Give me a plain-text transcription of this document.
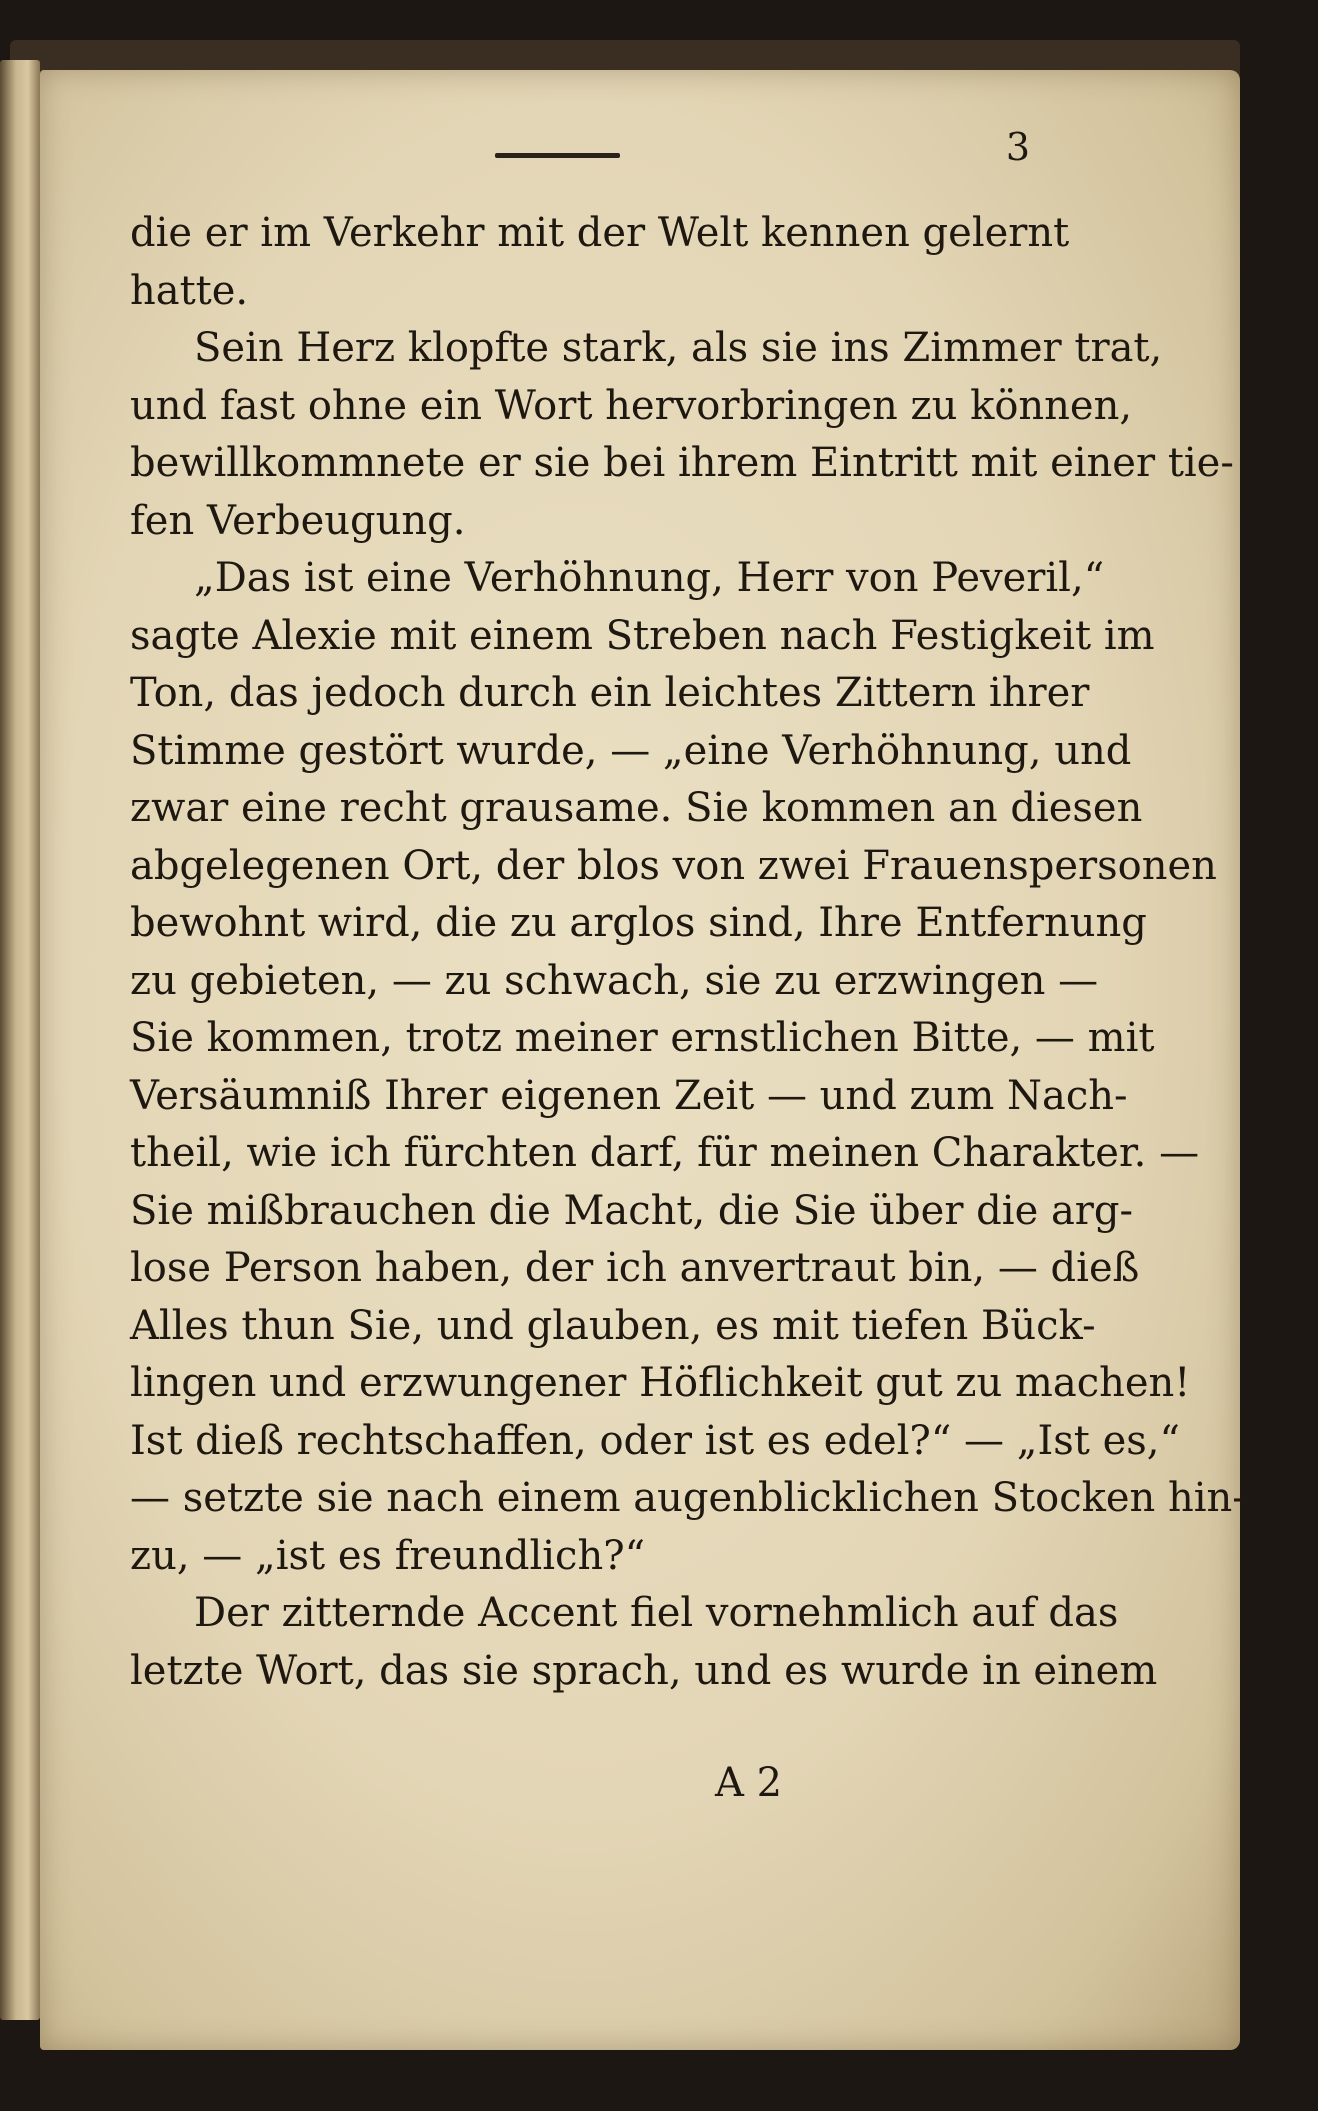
3
die er im Verkehr mit der Welt kennen gelernt
hatte.
Sein Herz klopfte stark, als sie ins Zimmer trat,
und fast ohne ein Wort hervorbringen zu können,
bewillkommnete er sie bei ihrem Eintritt mit einer tie-
fen Verbeugung.
„Das ist eine Verhöhnung, Herr von Peveril,“
sagte Alexie mit einem Streben nach Festigkeit im
Ton, das jedoch durch ein leichtes Zittern ihrer
Stimme gestört wurde, — „eine Verhöhnung, und
zwar eine recht grausame. Sie kommen an diesen
abgelegenen Ort, der blos von zwei Frauenspersonen
bewohnt wird, die zu arglos sind, Ihre Entfernung
zu gebieten, — zu schwach, sie zu erzwingen —
Sie kommen, trotz meiner ernstlichen Bitte, — mit
Versäumniß Ihrer eigenen Zeit — und zum Nach-
theil, wie ich fürchten darf, für meinen Charakter. —
Sie mißbrauchen die Macht, die Sie über die arg-
lose Person haben, der ich anvertraut bin, — dieß
Alles thun Sie, und glauben, es mit tiefen Bück-
lingen und erzwungener Höflichkeit gut zu machen!
Ist dieß rechtschaffen, oder ist es edel?“ — „Ist es,“
— setzte sie nach einem augenblicklichen Stocken hin-
zu, — „ist es freundlich?“
Der zitternde Accent fiel vornehmlich auf das
letzte Wort, das sie sprach, und es wurde in einem
A 2
